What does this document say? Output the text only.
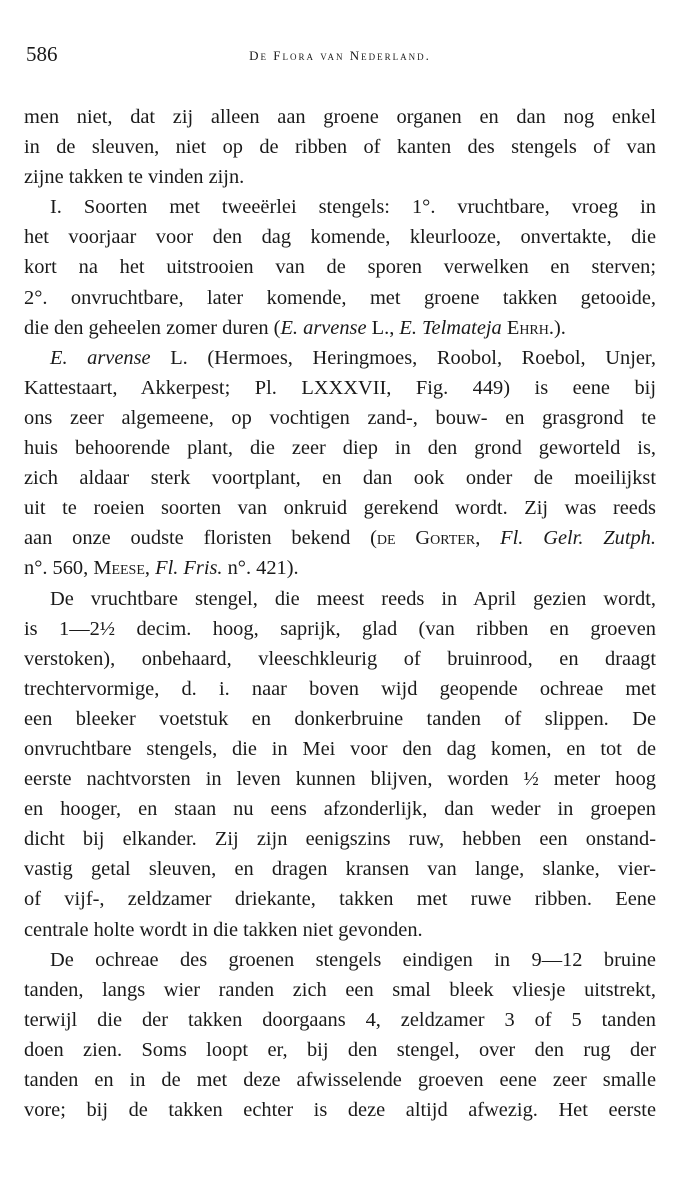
586	De Flora van Nederland.
men niet, dat zij alleen aan groene organen en dan nog enkel
in de sleuven, niet op de ribben of kanten des stengels of van
zijne takken te vinden zijn.
I. Soorten met tweeërlei stengels: 1°. vruchtbare, vroeg in
het voorjaar voor den dag komende, kleurlooze, onvertakte, die
kort na het uitstrooien van de sporen verwelken en sterven;
2°. onvruchtbare, later komende, met groene takken getooide,
die den geheelen zomer duren (E. arvense L., E. Telmateja Ehrh.).
E. arvense L. (Hermoes, Heringmoes, Roobol, Roebol, Unjer,
Kattestaart, Akkerpest; Pl. LXXXVII, Fig. 449) is eene bij
ons zeer algemeene, op vochtigen zand-, bouw- en grasgrond te
huis behoorende plant, die zeer diep in den grond geworteld is,
zich aldaar sterk voortplant, en dan ook onder de moeilijkst
uit te roeien soorten van onkruid gerekend wordt. Zij was reeds
aan onze oudste floristen bekend (de Gorter, Fl. Gelr. Zutph.
n°. 560, Meese, Fl. Fris. n°. 421).
De vruchtbare stengel, die meest reeds in April gezien wordt,
is 1—2½ decim. hoog, saprijk, glad (van ribben en groeven
verstoken), onbehaard, vleeschkleurig of bruinrood, en draagt
trechtervormige, d. i. naar boven wijd geopende ochreae met
een bleeker voetstuk en donkerbruine tanden of slippen. De
onvruchtbare stengels, die in Mei voor den dag komen, en tot de
eerste nachtvorsten in leven kunnen blijven, worden ½ meter hoog
en hooger, en staan nu eens afzonderlijk, dan weder in groepen
dicht bij elkander. Zij zijn eenigszins ruw, hebben een onstand-
vastig getal sleuven, en dragen kransen van lange, slanke, vier-
of vijf-, zeldzamer driekante, takken met ruwe ribben. Eene
centrale holte wordt in die takken niet gevonden.
De ochreae des groenen stengels eindigen in 9—12 bruine
tanden, langs wier randen zich een smal bleek vliesje uitstrekt,
terwijl die der takken doorgaans 4, zeldzamer 3 of 5 tanden
doen zien. Soms loopt er, bij den stengel, over den rug der
tanden en in de met deze afwisselende groeven eene zeer smalle
vore; bij de takken echter is deze altijd afwezig. Het eerste
